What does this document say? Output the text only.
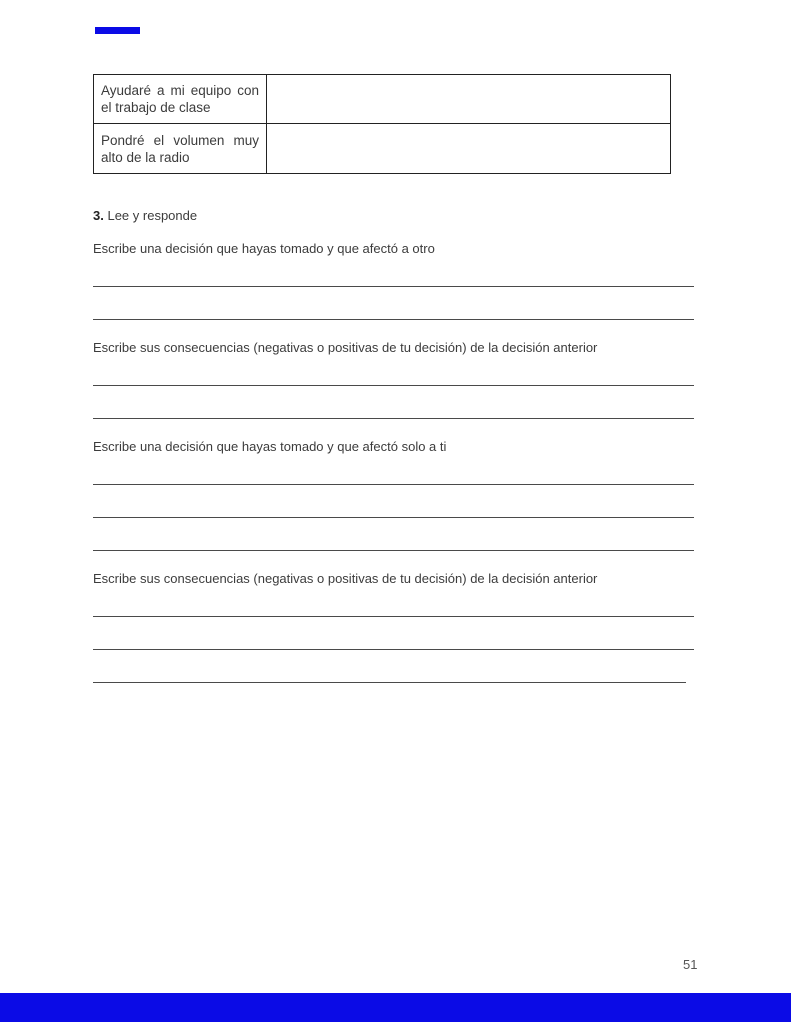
Ayudaré a mi equipo con el trabajo de clase	
Pondré el volumen muy alto de la radio	
3. Lee y responde
Escribe una decisión que hayas tomado y que afectó a otro
Escribe sus consecuencias (negativas o positivas de tu decisión) de la decisión anterior
Escribe una decisión que hayas tomado y que afectó solo a ti
Escribe sus consecuencias (negativas o positivas de tu decisión) de la decisión anterior
51
